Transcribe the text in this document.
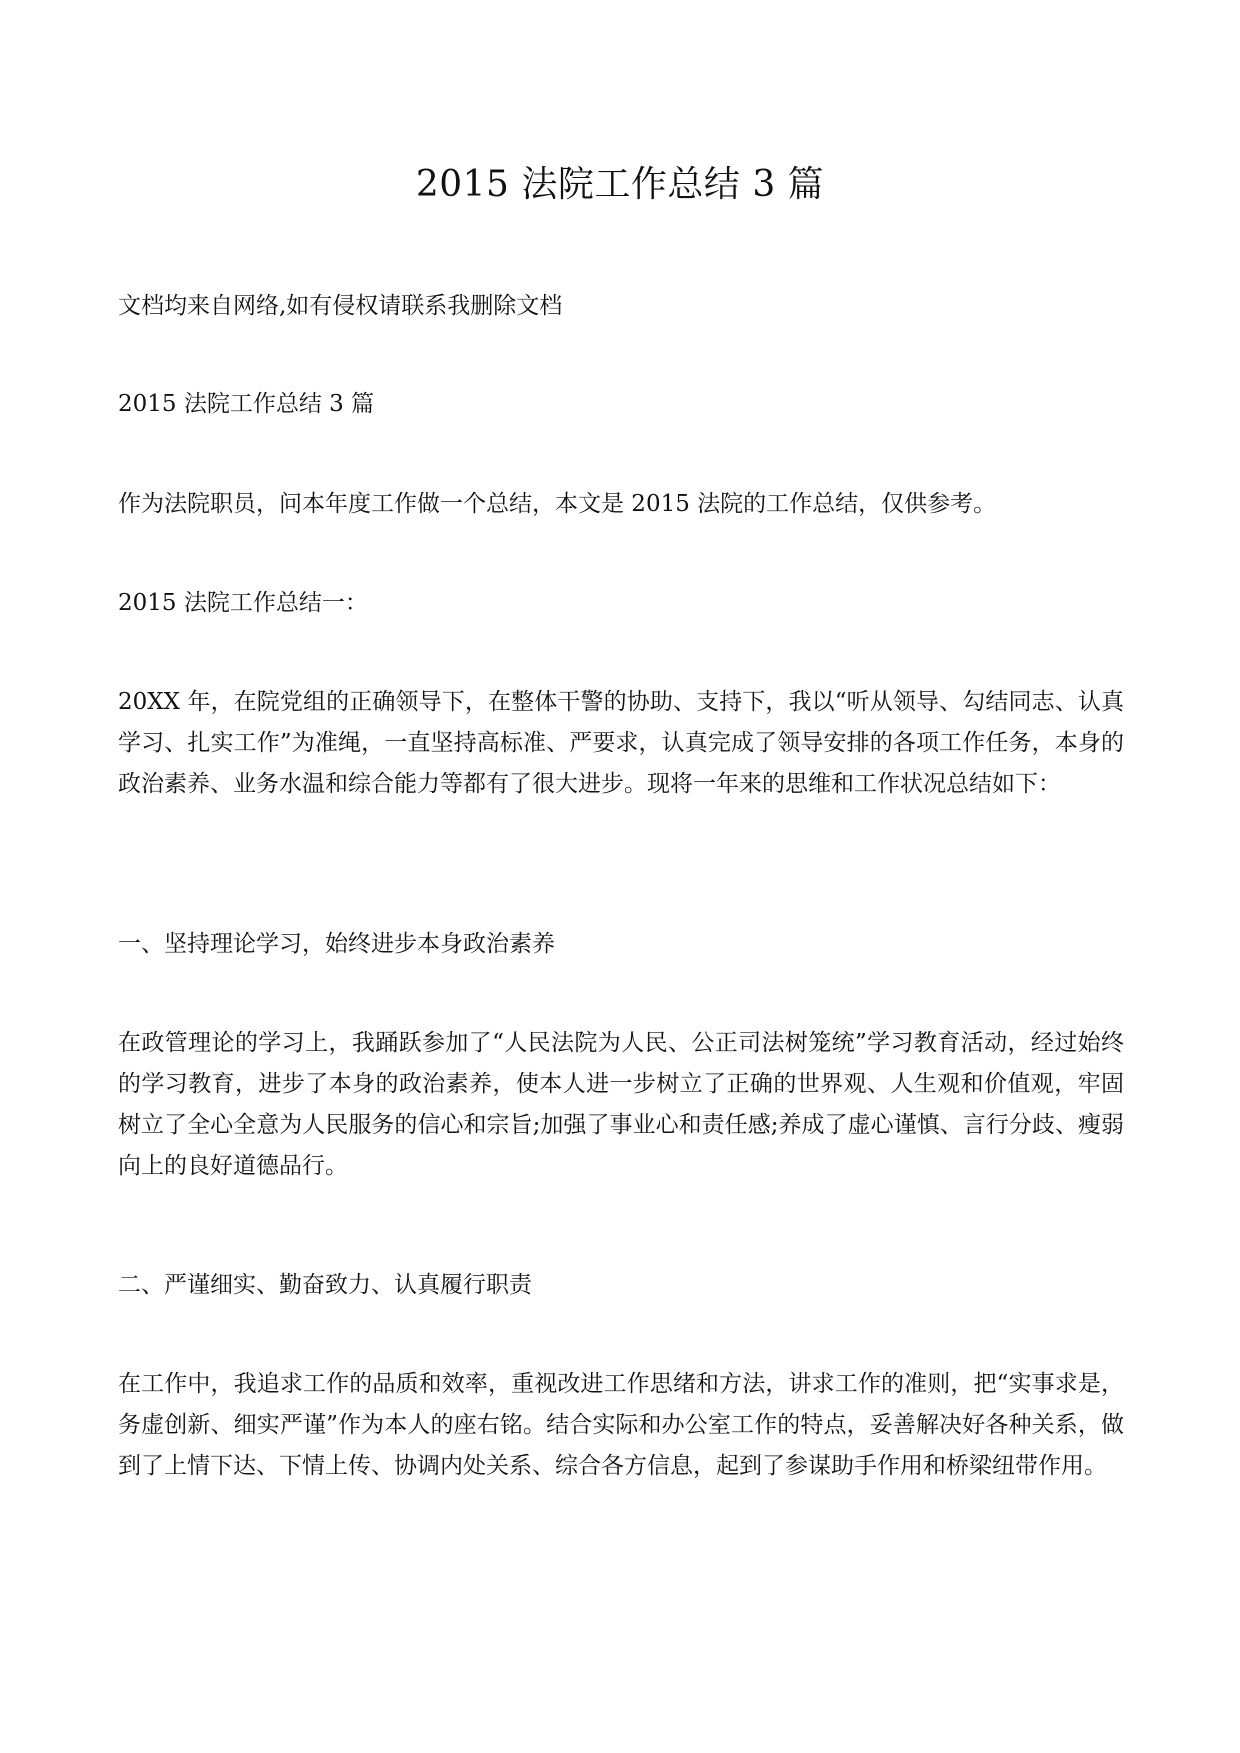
2015 法院工作总结 3 篇

文档均来自网络,如有侵权请联系我删除文档

2015 法院工作总结 3 篇

作为法院职员，问本年度工作做一个总结，本文是 2015 法院的工作总结，仅供参考。

2015 法院工作总结一：

20XX 年，在院党组的正确领导下，在整体干警的协助、支持下，我以“听从领导、勾结同志、认真学习、扎实工作”为准绳，一直坚持高标准、严要求，认真完成了领导安排的各项工作任务，本身的政治素养、业务水温和综合能力等都有了很大进步。现将一年来的思维和工作状况总结如下：

一、坚持理论学习，始终进步本身政治素养

在政管理论的学习上，我踊跃参加了“人民法院为人民、公正司法树笼统”学习教育活动，经过始终的学习教育，进步了本身的政治素养，使本人进一步树立了正确的世界观、人生观和价值观，牢固树立了全心全意为人民服务的信心和宗旨;加强了事业心和责任感;养成了虚心谨慎、言行分歧、瘦弱向上的良好道德品行。

二、严谨细实、勤奋致力、认真履行职责

在工作中，我追求工作的品质和效率，重视改进工作思绪和方法，讲求工作的准则，把“实事求是，务虚创新、细实严谨”作为本人的座右铭。结合实际和办公室工作的特点，妥善解决好各种关系，做到了上情下达、下情上传、协调内处关系、综合各方信息，起到了参谋助手作用和桥梁纽带作用。
